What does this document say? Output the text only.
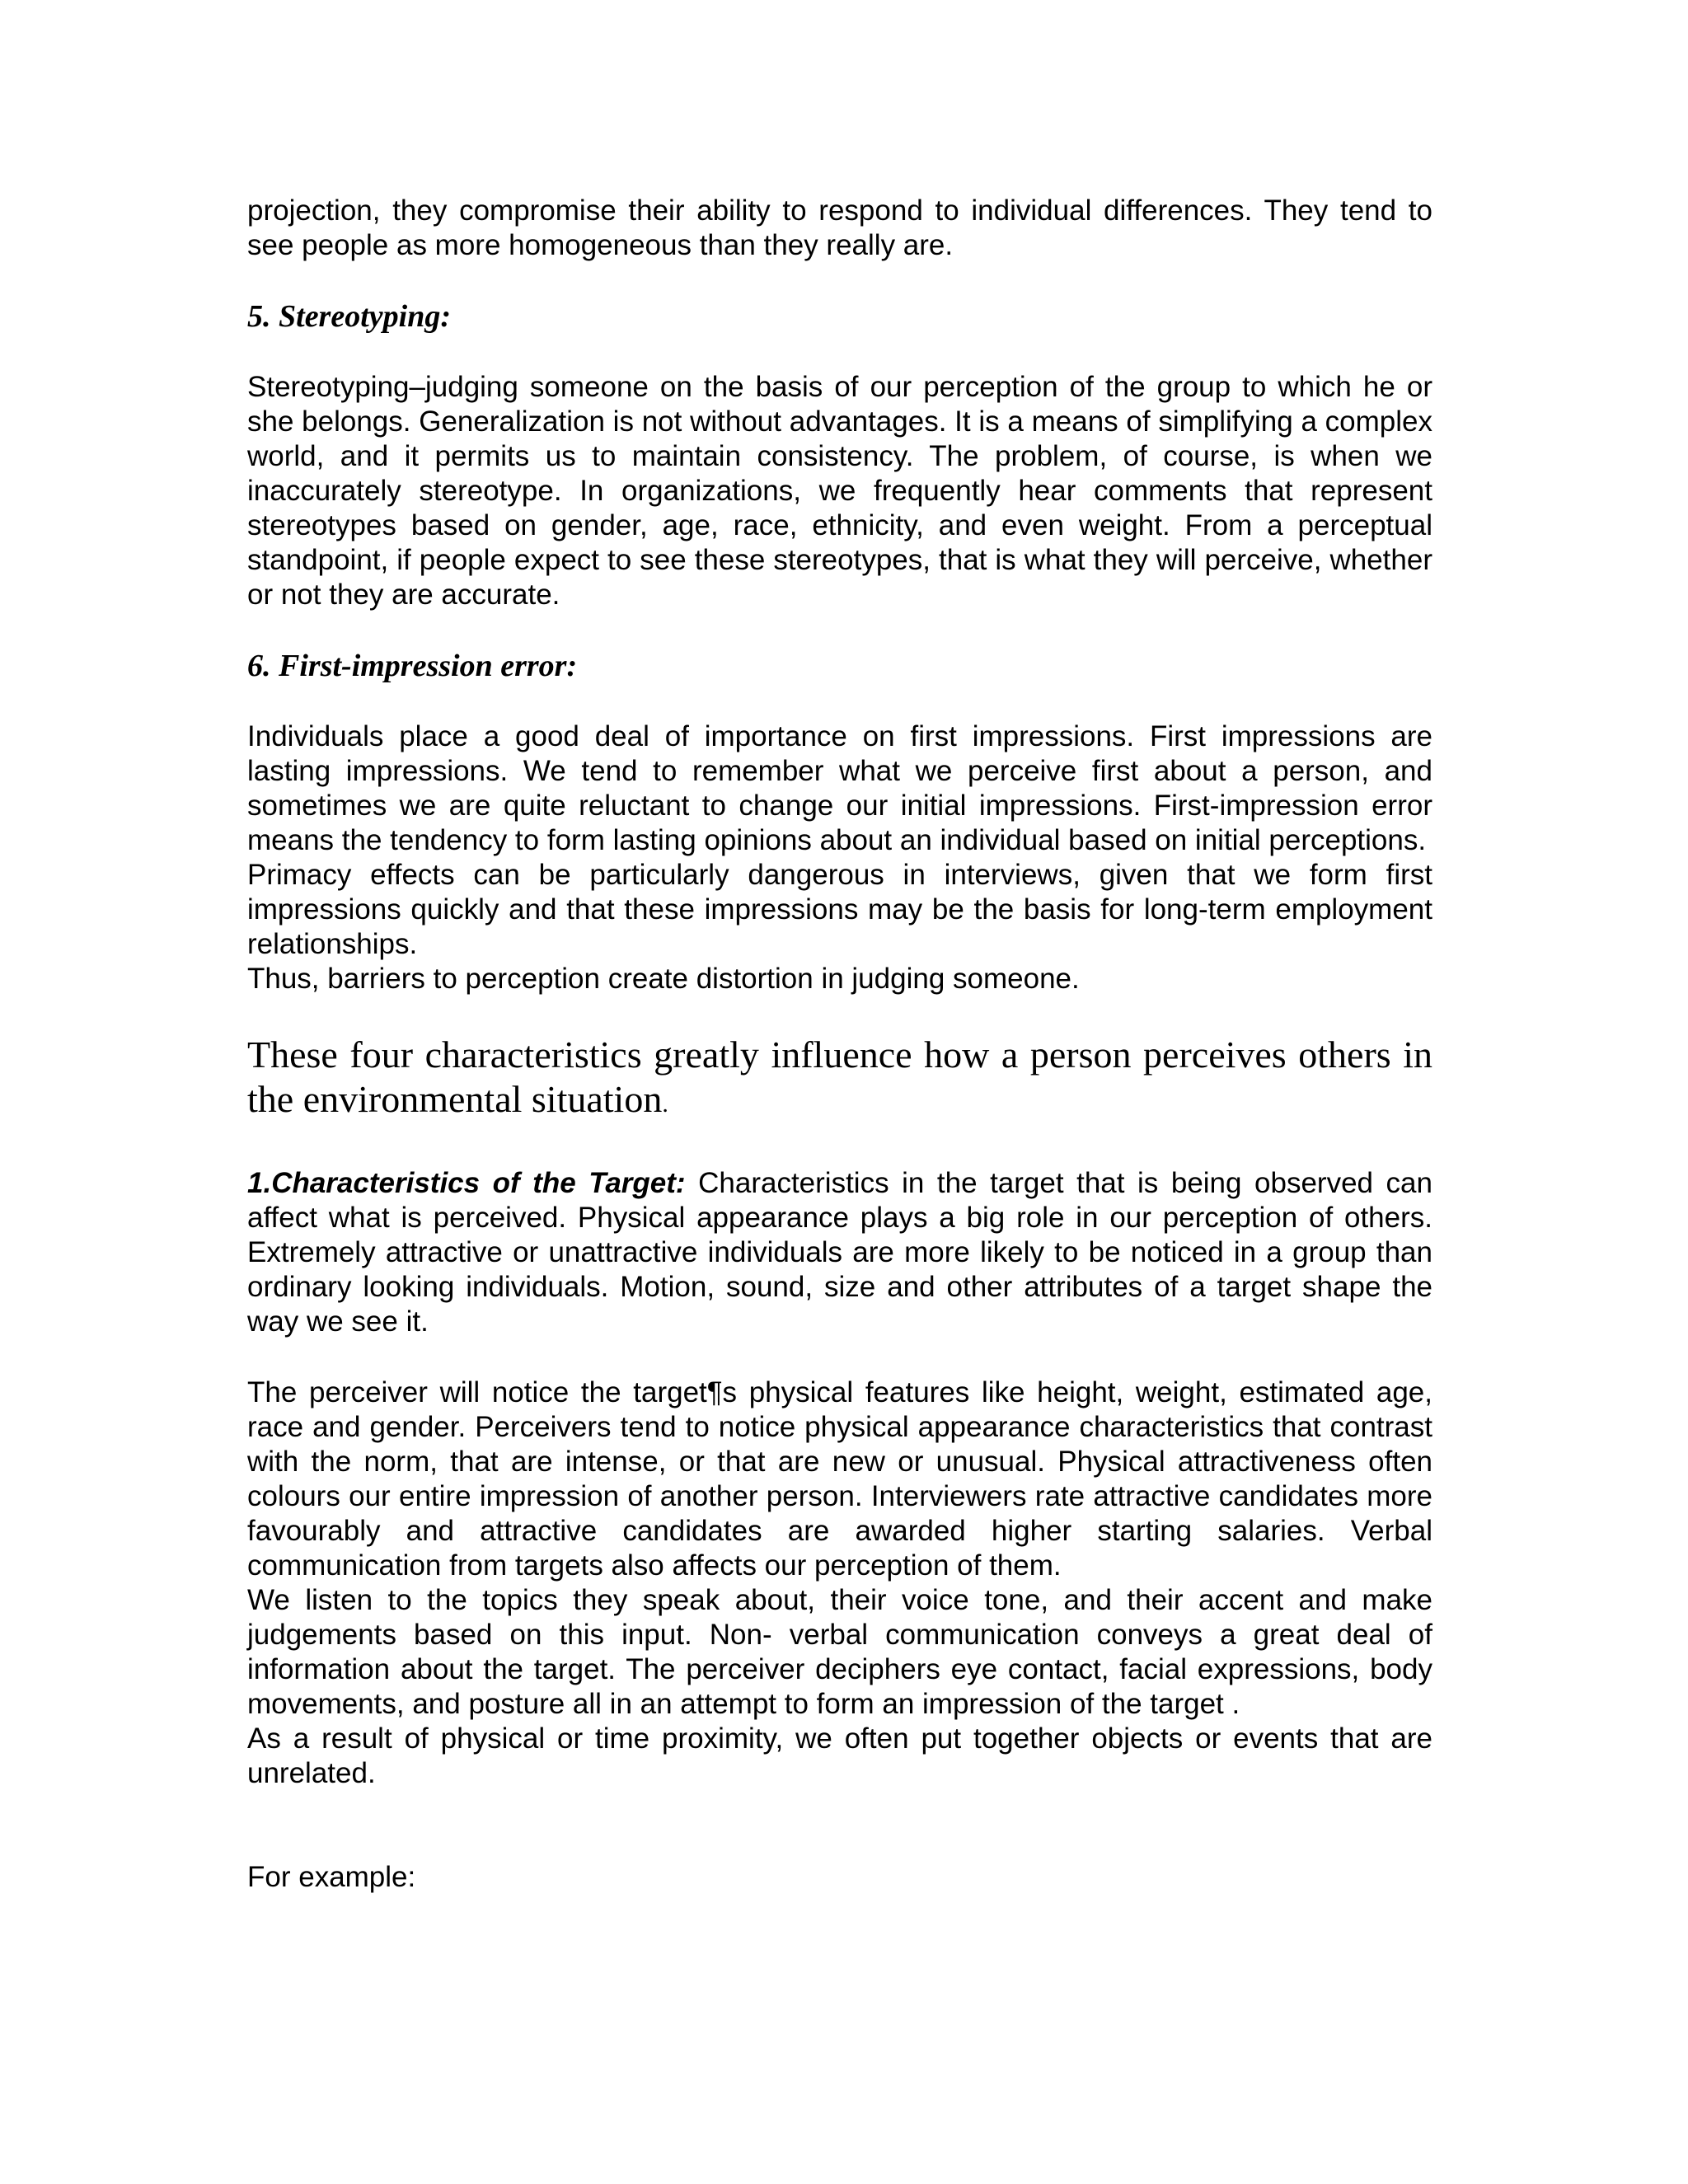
projection, they compromise their ability to respond to individual differences. They tend to see people as more homogeneous than they really are.

5. Stereotyping:

Stereotyping–judging someone on the basis of our perception of the group to which he or she belongs. Generalization is not without advantages. It is a means of simplifying a complex world, and it permits us to maintain consistency. The problem, of course, is when we inaccurately stereotype. In organizations, we frequently hear comments that represent stereotypes based on gender, age, race, ethnicity, and even weight. From a perceptual standpoint, if people expect to see these stereotypes, that is what they will perceive, whether or not they are accurate.

6. First-impression error:

Individuals place a good deal of importance on first impressions. First impressions are lasting impressions. We tend to remember what we perceive first about a person, and sometimes we are quite reluctant to change our initial impressions. First-impression error means the tendency to form lasting opinions about an individual based on initial perceptions.

Primacy effects can be particularly dangerous in interviews, given that we form first impressions quickly and that these impressions may be the basis for long-term employment relationships.

Thus, barriers to perception create distortion in judging someone.

These four characteristics greatly influence how a person perceives others in the environmental situation.

1.Characteristics of the Target: Characteristics in the target that is being observed can affect what is perceived. Physical appearance plays a big role in our perception of others. Extremely attractive or unattractive individuals are more likely to be noticed in a group than ordinary looking individuals. Motion, sound, size and other attributes of a target shape the way we see it.

The perceiver will notice the target¶s physical features like height, weight, estimated age, race and gender. Perceivers tend to notice physical appearance characteristics that contrast with the norm, that are intense, or that are new or unusual. Physical attractiveness often colours our entire impression of another person. Interviewers rate attractive candidates more favourably and attractive candidates are awarded higher starting salaries. Verbal communication from targets also affects our perception of them.

We listen to the topics they speak about, their voice tone, and their accent and make judgements based on this input. Non- verbal communication conveys a great deal of information about the target. The perceiver deciphers eye contact, facial expressions, body movements, and posture all in an attempt to form an impression of the target .

As a result of physical or time proximity, we often put together objects or events that are unrelated.

For example:
